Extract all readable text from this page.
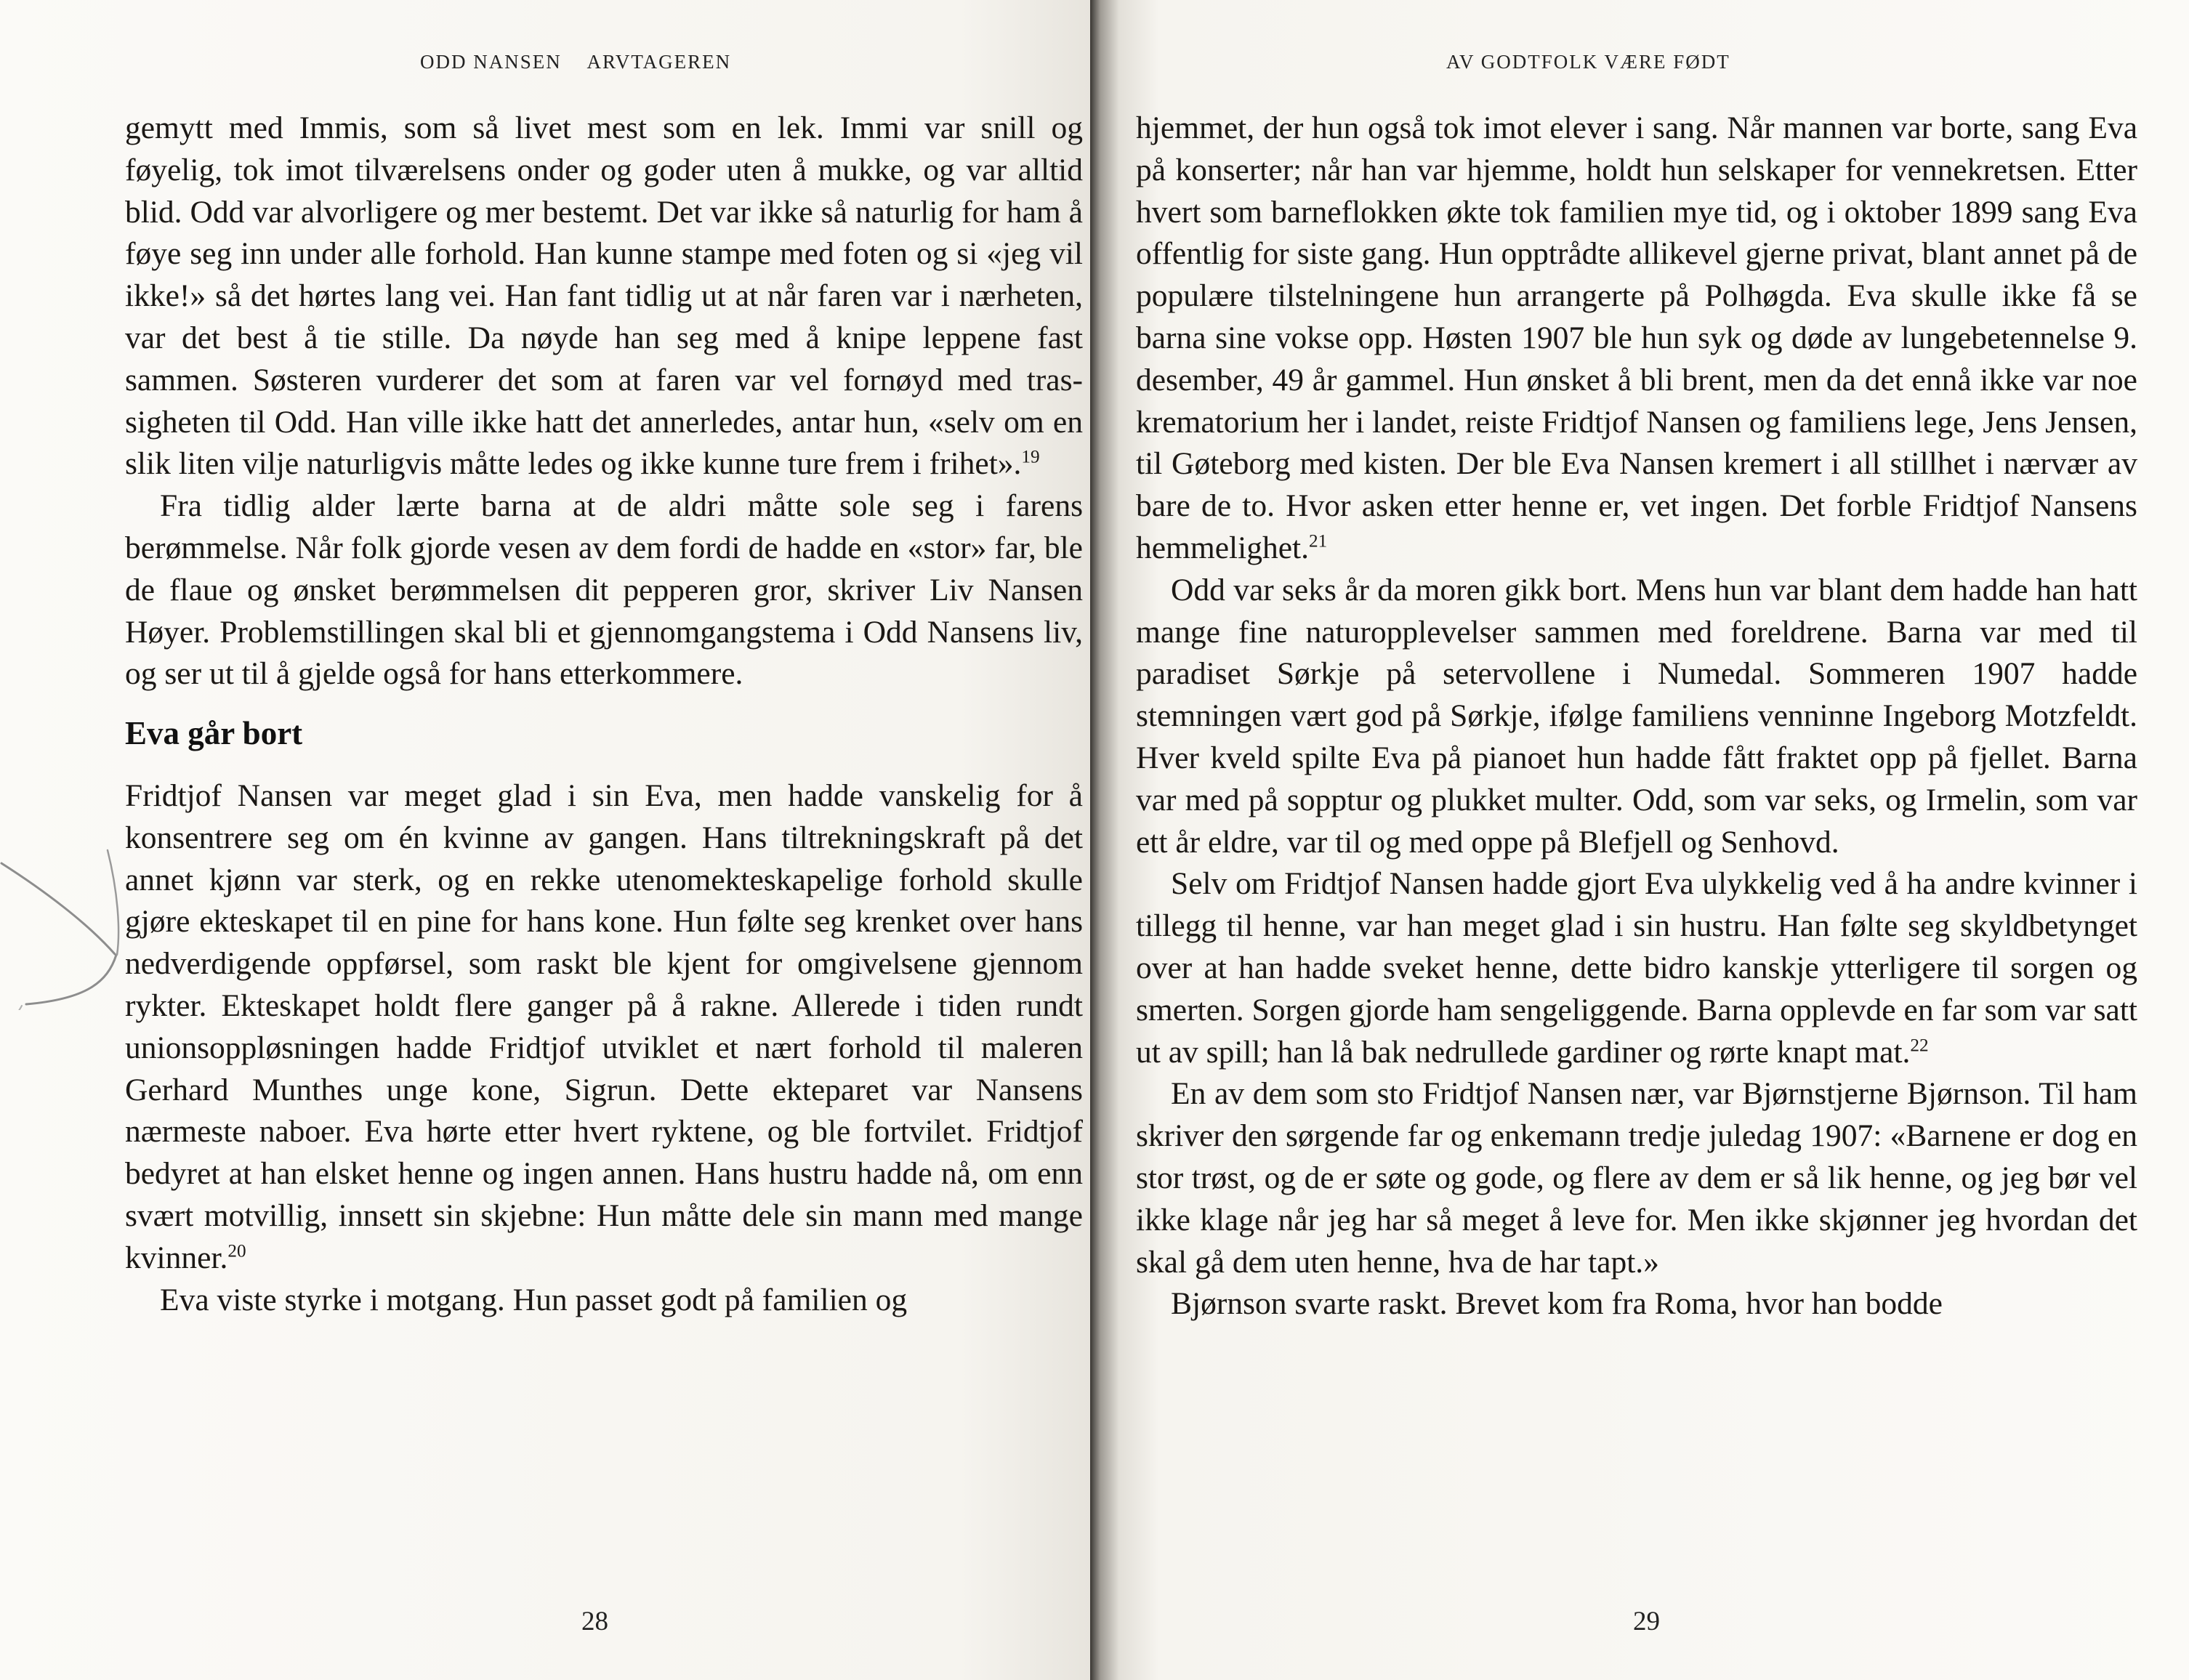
ODD NANSEN ARVTAGEREN

gemytt med Immis, som så livet mest som en lek. Immi var snill og føyelig, tok imot tilværelsens onder og goder uten å mukke, og var alltid blid. Odd var alvorligere og mer bestemt. Det var ikke så naturlig for ham å føye seg inn under alle forhold. Han kunne stampe med foten og si «jeg vil ikke!» så det hørtes lang vei. Han fant tidlig ut at når faren var i nærheten, var det best å tie stille. Da nøyde han seg med å knipe leppene fast sammen. Søsteren vurderer det som at faren var vel fornøyd med trassigheten til Odd. Han ville ikke hatt det annerledes, antar hun, «selv om en slik liten vilje naturligvis måtte ledes og ikke kunne ture frem i frihet».$^{19}$

Fra tidlig alder lærte barna at de aldri måtte sole seg i farens berømmelse. Når folk gjorde vesen av dem fordi de hadde en «stor» far, ble de flaue og ønsket berømmelsen dit pepperen gror, skriver Liv Nansen Høyer. Problemstillingen skal bli et gjennomgangstema i Odd Nansens liv, og ser ut til å gjelde også for hans etterkommere.

Eva går bort

Fridtjof Nansen var meget glad i sin Eva, men hadde vanskelig for å konsentrere seg om én kvinne av gangen. Hans tiltrekningskraft på det annet kjønn var sterk, og en rekke utenomekteskapelige forhold skulle gjøre ekteskapet til en pine for hans kone. Hun følte seg krenket over hans nedverdigende oppførsel, som raskt ble kjent for omgivelsene gjennom rykter. Ekteskapet holdt flere ganger på å rakne. Allerede i tiden rundt unionsoppløsningen hadde Fridtjof utviklet et nært forhold til maleren Gerhard Munthes unge kone, Sigrun. Dette ekteparet var Nansens nærmeste naboer. Eva hørte etter hvert ryktene, og ble fortvilet. Fridtjof bedyret at han elsket henne og ingen annen. Hans hustru hadde nå, om enn svært motvillig, innsett sin skjebne: Hun måtte dele sin mann med mange kvinner.$^{20}$

Eva viste styrke i motgang. Hun passet godt på familien og

28
AV GODTFOLK VÆRE FØDT

hjemmet, der hun også tok imot elever i sang. Når mannen var borte, sang Eva på konserter; når han var hjemme, holdt hun selskaper for vennekretsen. Etter hvert som barneflokken økte tok familien mye tid, og i oktober 1899 sang Eva offentlig for siste gang. Hun opptrådte allikevel gjerne privat, blant annet på de populære tilstelningene hun arrangerte på Polhøgda. Eva skulle ikke få se barna sine vokse opp. Høsten 1907 ble hun syk og døde av lungebetennelse 9. desember, 49 år gammel. Hun ønsket å bli brent, men da det ennå ikke var noe krematorium her i landet, reiste Fridtjof Nansen og familiens lege, Jens Jensen, til Gøteborg med kisten. Der ble Eva Nansen kremert i all stillhet i nærvær av bare de to. Hvor asken etter henne er, vet ingen. Det forble Fridtjof Nansens hemmelighet.$^{21}$

Odd var seks år da moren gikk bort. Mens hun var blant dem hadde han hatt mange fine naturopplevelser sammen med foreldrene. Barna var med til paradiset Sørkje på setervollene i Numedal. Sommeren 1907 hadde stemningen vært god på Sørkje, ifølge familiens venninne Ingeborg Motzfeldt. Hver kveld spilte Eva på pianoet hun hadde fått fraktet opp på fjellet. Barna var med på sopptur og plukket multer. Odd, som var seks, og Irmelin, som var ett år eldre, var til og med oppe på Blefjell og Senhovd.

Selv om Fridtjof Nansen hadde gjort Eva ulykkelig ved å ha andre kvinner i tillegg til henne, var han meget glad i sin hustru. Han følte seg skyldbetynget over at han hadde sveket henne, dette bidro kanskje ytterligere til sorgen og smerten. Sorgen gjorde ham sengeliggende. Barna opplevde en far som var satt ut av spill; han lå bak nedrullede gardiner og rørte knapt mat.$^{22}$

En av dem som sto Fridtjof Nansen nær, var Bjørnstjerne Bjørnson. Til ham skriver den sørgende far og enkemann tredje juledag 1907: «Barnene er dog en stor trøst, og de er søte og gode, og flere av dem er så lik henne, og jeg bør vel ikke klage når jeg har så meget å leve for. Men ikke skjønner jeg hvordan det skal gå dem uten henne, hva de har tapt.»

Bjørnson svarte raskt. Brevet kom fra Roma, hvor han bodde

29
